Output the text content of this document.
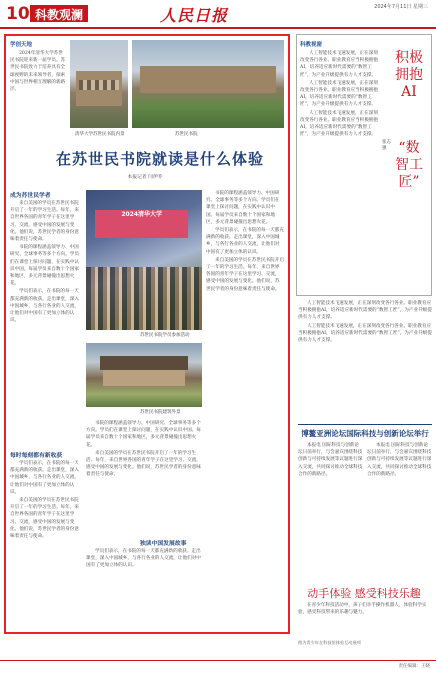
10 科教观澜	人民日报	2024年7月11日 星期三
学创天地

2024年清华大学苏世民书院迎来新一届学员。苏世民书院致力于培养具有全球视野的未来领导者，探索中国与世界相互理解的新路径。

清华大学苏世民书院内景	苏世民书院
在苏世民书院就读是什么体验
本报记者 闫伊乔
成为苏世民学者

来自美国的学员在苏世民书院开启了一年的学习生活。每年，来自世界各国的青年学子在这里学习、交流，感受中国的发展与变化。他们说，苏世民学者的身份意味着责任与使命。

书院的课程涵盖领导力、中国研究、全球事务等多个方向。学员们在课堂上探讨问题，在实践中认识中国。每届学员来自数十个国家和地区，多元背景碰撞出思想火花。

学员们表示，在书院的每一天都充满新的收获。走出课堂，深入中国城乡，与各行各业的人交流，让他们对中国有了更加立体的认识。

2024清华大学
苏世民书院学员参加活动
苏世民书院建筑外景

书院的课程涵盖领导力、中国研究、全球事务等多个方向。学员们在课堂上探讨问题，在实践中认识中国。每届学员来自数十个国家和地区，多元背景碰撞出思想火花。

学员们表示，在书院的每一天都充满新的收获。走出课堂，深入中国城乡，与各行各业的人交流，让他们对中国有了更加立体的认识。

来自美国的学员在苏世民书院开启了一年的学习生活。每年，来自世界各国的青年学子在这里学习、交流，感受中国的发展与变化。他们说，苏世民学者的身份意味着责任与使命。

每时每刻都有新收获

学员们表示，在书院的每一天都充满新的收获。走出课堂，深入中国城乡，与各行各业的人交流，让他们对中国有了更加立体的认识。

来自美国的学员在苏世民书院开启了一年的学习生活。每年，来自世界各国的青年学子在这里学习、交流，感受中国的发展与变化。他们说，苏世民学者的身份意味着责任与使命。

书院的课程涵盖领导力、中国研究、全球事务等多个方向。学员们在课堂上探讨问题，在实践中认识中国。每届学员来自数十个国家和地区，多元背景碰撞出思想火花。

来自美国的学员在苏世民书院开启了一年的学习生活。每年，来自世界各国的青年学子在这里学习、交流，感受中国的发展与变化。他们说，苏世民学者的身份意味着责任与使命。

独读中国发展故事

学员们表示，在书院的每一天都充满新的收获。走出课堂，深入中国城乡，与各行各业的人交流，让他们对中国有了更加立体的认识。

科教视窗

人工智能技术飞速发展，正在深刻改变各行各业。职业教育应当积极拥抱AI，培养适应新时代需要的“数智工匠”，为产业升级提供有力人才支撑。

人工智能技术飞速发展，正在深刻改变各行各业。职业教育应当积极拥抱AI，培养适应新时代需要的“数智工匠”，为产业升级提供有力人才支撑。

人工智能技术飞速发展，正在深刻改变各行各业。职业教育应当积极拥抱AI，培养适应新时代需要的“数智工匠”，为产业升级提供有力人才支撑。

积极拥抱AI
“数智工匠”
张志强

人工智能技术飞速发展，正在深刻改变各行各业。职业教育应当积极拥抱AI，培养适应新时代需要的“数智工匠”，为产业升级提供有力人才支撑。

人工智能技术飞速发展，正在深刻改变各行各业。职业教育应当积极拥抱AI，培养适应新时代需要的“数智工匠”，为产业升级提供有力人才支撑。

博鳌亚洲论坛国际科技与创新论坛举行

本报电 国际科技与创新论坛日前举行，与会嘉宾围绕科技创新与可持续发展等议题进行深入交流，共同探讨推动全球科技合作的新路径。

本报电 国际科技与创新论坛日前举行，与会嘉宾围绕科技创新与可持续发展等议题进行深入交流，共同探讨推动全球科技合作的新路径。

动手体验 感受科技乐趣

在青少年科技活动中，孩子们亲手操作机器人，体验科学实验，感受科技带来的乐趣与魅力。

图为青少年在科技馆体验互动展项
责任编辑：王晓
